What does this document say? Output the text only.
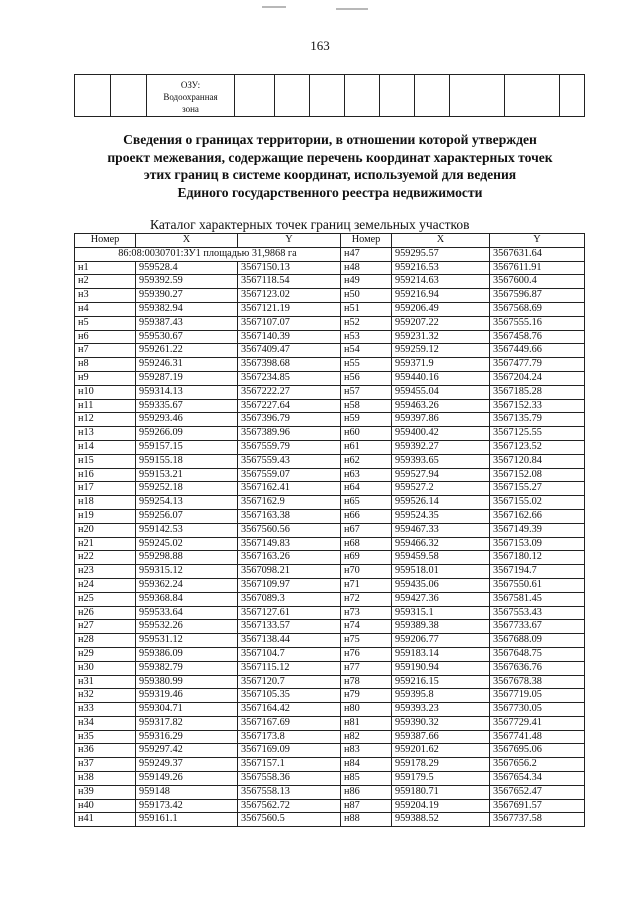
163

ОЗУ:
Водоохранная
зона

Сведения о границах территории, в отношении которой утвержден
проект межевания, содержащие перечень координат характерных точек
этих границ в системе координат, используемой для ведения
Единого государственного реестра недвижимости
Каталог характерных точек границ земельных участков
Номер	X	Y	Номер	X	Y
86:08:0030701:ЗУ1 площадью 31,9868 га			н47	959295.57	3567631.64
н1	959528.4	3567150.13	н48	959216.53	3567611.91
н2	959392.59	3567118.54	н49	959214.63	3567600.4
н3	959390.27	3567123.02	н50	959216.94	3567596.87
н4	959382.94	3567121.19	н51	959206.49	3567568.69
н5	959387.43	3567107.07	н52	959207.22	3567555.16
н6	959530.67	3567140.39	н53	959231.32	3567458.76
н7	959261.22	3567409.47	н54	959259.12	3567449.66
н8	959246.31	3567398.68	н55	959371.9	3567477.79
н9	959287.19	3567234.85	н56	959440.16	3567204.24
н10	959314.13	3567222.27	н57	959455.04	3567185.28
н11	959335.67	3567227.64	н58	959463.26	3567152.33
н12	959293.46	3567396.79	н59	959397.86	3567135.79
н13	959266.09	3567389.96	н60	959400.42	3567125.55
н14	959157.15	3567559.79	н61	959392.27	3567123.52
н15	959155.18	3567559.43	н62	959393.65	3567120.84
н16	959153.21	3567559.07	н63	959527.94	3567152.08
н17	959252.18	3567162.41	н64	959527.2	3567155.27
н18	959254.13	3567162.9	н65	959526.14	3567155.02
н19	959256.07	3567163.38	н66	959524.35	3567162.66
н20	959142.53	3567560.56	н67	959467.33	3567149.39
н21	959245.02	3567149.83	н68	959466.32	3567153.09
н22	959298.88	3567163.26	н69	959459.58	3567180.12
н23	959315.12	3567098.21	н70	959518.01	3567194.7
н24	959362.24	3567109.97	н71	959435.06	3567550.61
н25	959368.84	3567089.3	н72	959427.36	3567581.45
н26	959533.64	3567127.61	н73	959315.1	3567553.43
н27	959532.26	3567133.57	н74	959389.38	3567733.67
н28	959531.12	3567138.44	н75	959206.77	3567688.09
н29	959386.09	3567104.7	н76	959183.14	3567648.75
н30	959382.79	3567115.12	н77	959190.94	3567636.76
н31	959380.99	3567120.7	н78	959216.15	3567678.38
н32	959319.46	3567105.35	н79	959395.8	3567719.05
н33	959304.71	3567164.42	н80	959393.23	3567730.05
н34	959317.82	3567167.69	н81	959390.32	3567729.41
н35	959316.29	3567173.8	н82	959387.66	3567741.48
н36	959297.42	3567169.09	н83	959201.62	3567695.06
н37	959249.37	3567157.1	н84	959178.29	3567656.2
н38	959149.26	3567558.36	н85	959179.5	3567654.34
н39	959148	3567558.13	н86	959180.71	3567652.47
н40	959173.42	3567562.72	н87	959204.19	3567691.57
н41	959161.1	3567560.5	н88	959388.52	3567737.58
